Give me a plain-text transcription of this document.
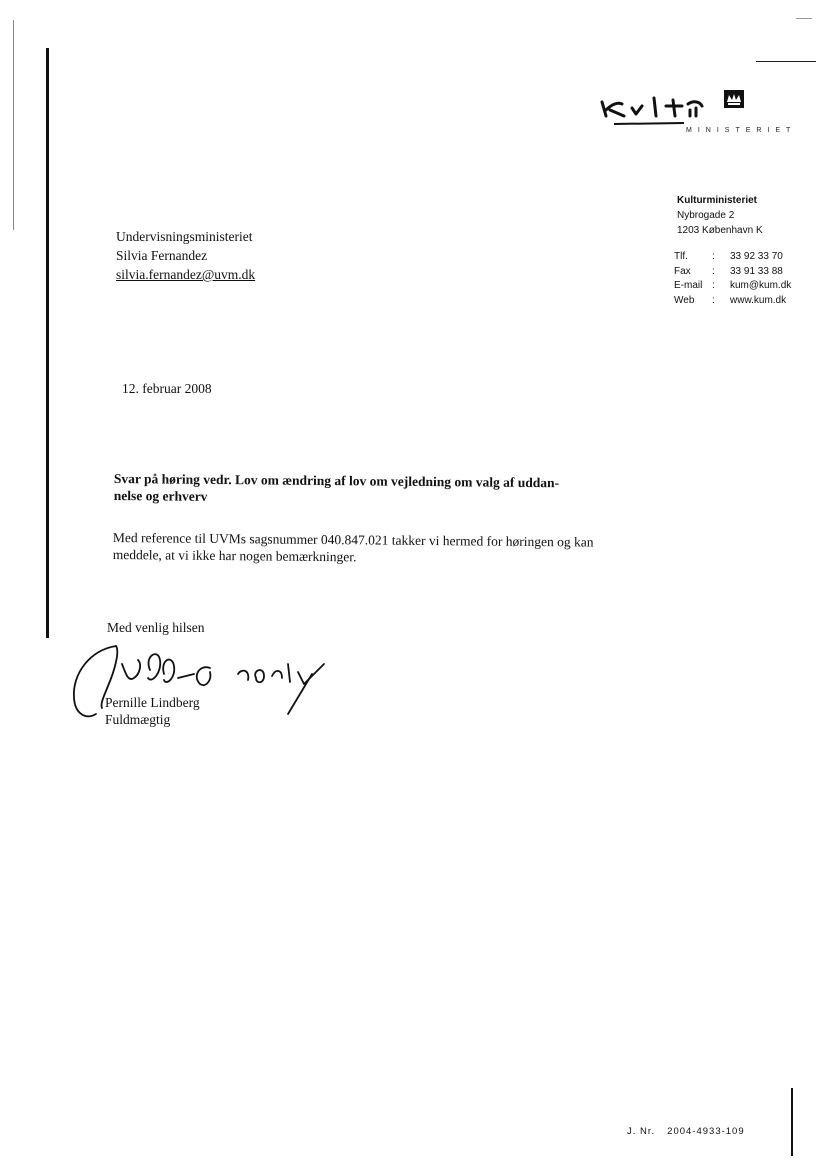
MINISTERIET
Kulturministeriet
Nybrogade 2
1203 København K
Tlf.	:	33 92 33 70
Fax	:	33 91 33 88
E-mail :	kum@kum.dk
Web	:	www.kum.dk
Undervisningsministeriet
Silvia Fernandez
silvia.fernandez@uvm.dk
12. februar 2008
Svar på høring vedr. Lov om ændring af lov om vejledning om valg af uddan-
nelse og erhverv
Med reference til UVMs sagsnummer 040.847.021 takker vi hermed for høringen og kan
meddele, at vi ikke har nogen bemærkninger.
Med venlig hilsen
Pernille Lindberg
Fuldmægtig
J. Nr. 2004-4933-109
